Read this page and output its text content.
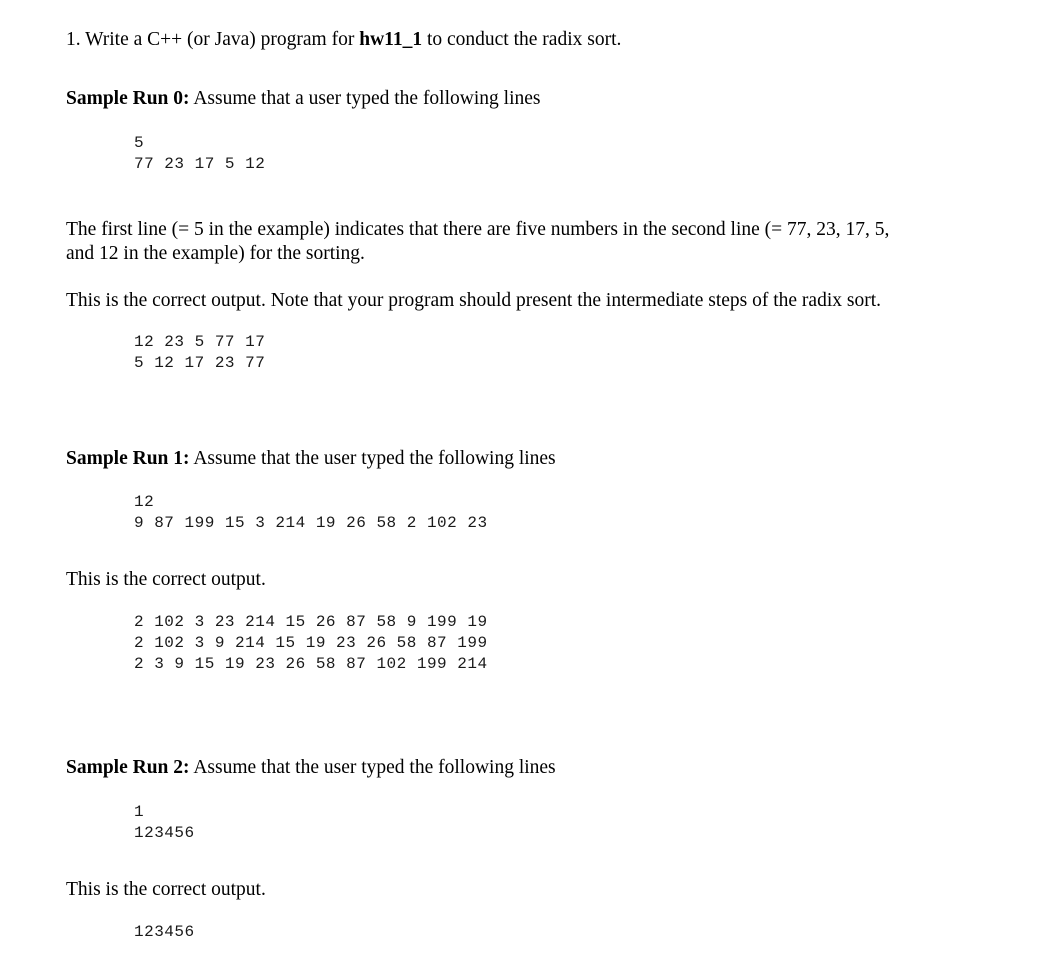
1. Write a C++ (or Java) program for hw11_1 to conduct the radix sort.
Sample Run 0: Assume that a user typed the following lines
5
77 23 17 5 12
The first line (= 5 in the example) indicates that there are five numbers in the second line (= 77, 23, 17, 5,
and 12 in the example) for the sorting.
This is the correct output. Note that your program should present the intermediate steps of the radix sort.
12 23 5 77 17
5 12 17 23 77
Sample Run 1: Assume that the user typed the following lines
12
9 87 199 15 3 214 19 26 58 2 102 23
This is the correct output.
2 102 3 23 214 15 26 87 58 9 199 19
2 102 3 9 214 15 19 23 26 58 87 199
2 3 9 15 19 23 26 58 87 102 199 214
Sample Run 2: Assume that the user typed the following lines
1
123456
This is the correct output.
123456
